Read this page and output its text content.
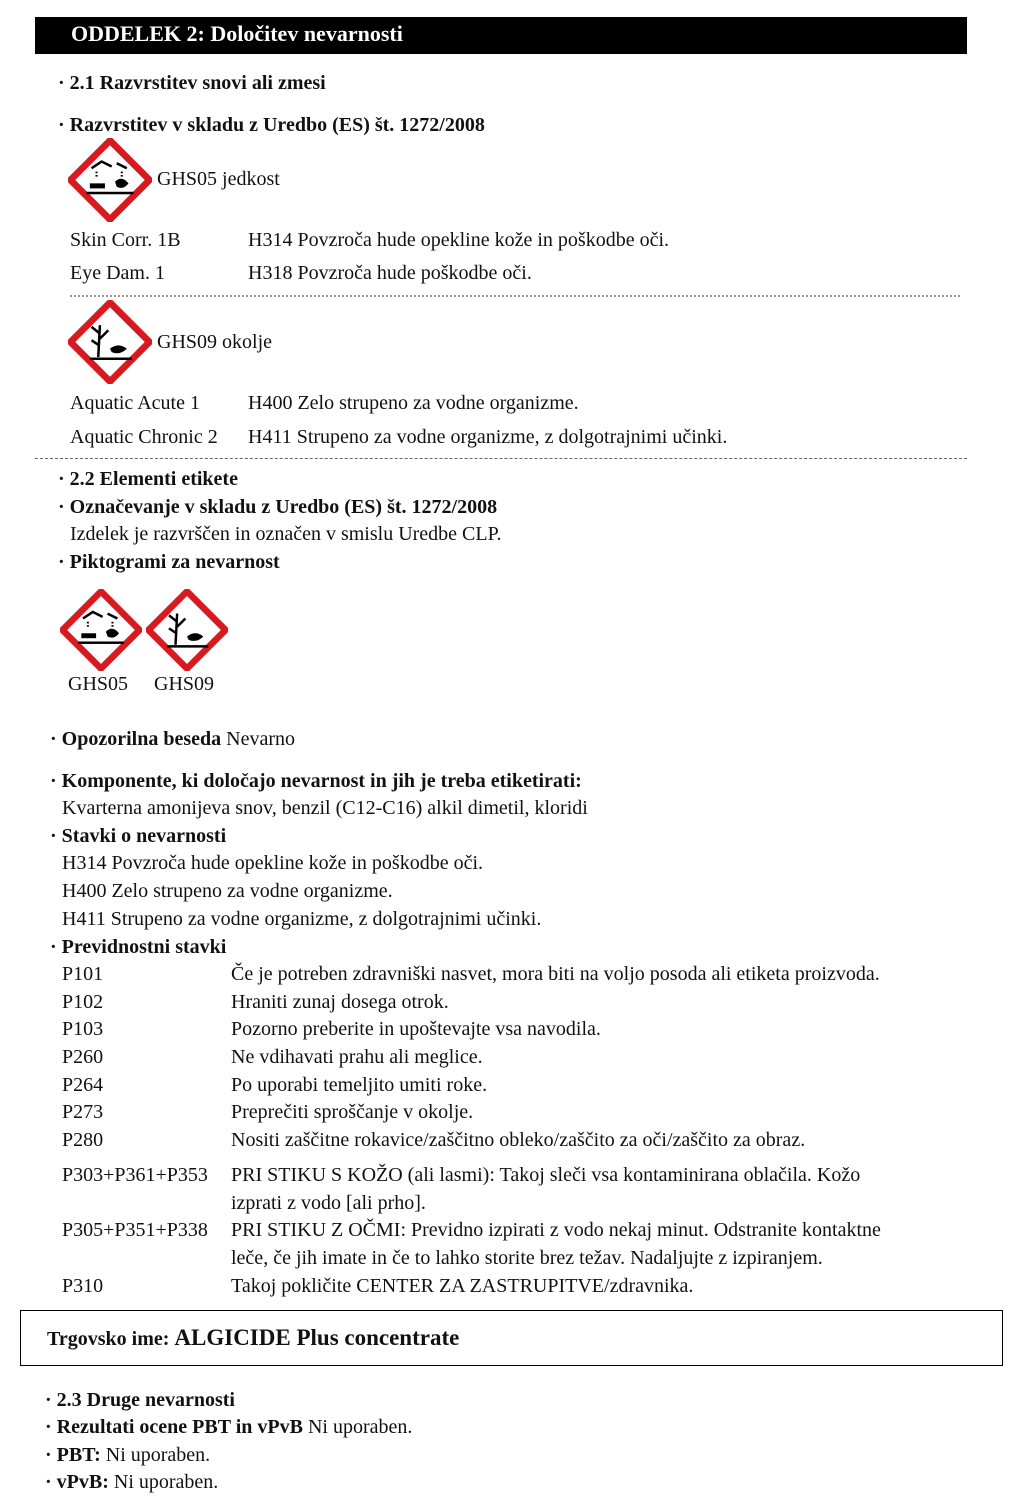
ODDELEK 2: Določitev nevarnosti
· 2.1 Razvrstitev snovi ali zmesi
· Razvrstitev v skladu z Uredbo (ES) št. 1272/2008
GHS05 jedkost
Skin Corr. 1B	H314 Povzroča hude opekline kože in poškodbe oči.
Eye Dam. 1	H318 Povzroča hude poškodbe oči.
GHS09 okolje
Aquatic Acute 1 H400 Zelo strupeno za vodne organizme.
Aquatic Chronic 2 H411 Strupeno za vodne organizme, z dolgotrajnimi učinki.
· 2.2 Elementi etikete
· Označevanje v skladu z Uredbo (ES) št. 1272/2008
Izdelek je razvrščen in označen v smislu Uredbe CLP.
· Piktogrami za nevarnost
GHS05 GHS09
· Opozorilna beseda Nevarno
· Komponente, ki določajo nevarnost in jih je treba etiketirati:
Kvarterna amonijeva snov, benzil (C12-C16) alkil dimetil, kloridi
· Stavki o nevarnosti
H314 Povzroča hude opekline kože in poškodbe oči.
H400 Zelo strupeno za vodne organizme.
H411 Strupeno za vodne organizme, z dolgotrajnimi učinki.
· Previdnostni stavki
P101	Če je potreben zdravniški nasvet, mora biti na voljo posoda ali etiketa proizvoda.
P102	Hraniti zunaj dosega otrok.
P103	Pozorno preberite in upoštevajte vsa navodila.
P260	Ne vdihavati prahu ali meglice.
P264	Po uporabi temeljito umiti roke.
P273	Preprečiti sproščanje v okolje.
P280	Nositi zaščitne rokavice/zaščitno obleko/zaščito za oči/zaščito za obraz.
P303+P361+P353 PRI STIKU S KOŽO (ali lasmi): Takoj sleči vsa kontaminirana oblačila. Kožo
izprati z vodo [ali prho].
P305+P351+P338 PRI STIKU Z OČMI: Previdno izpirati z vodo nekaj minut. Odstranite kontaktne
leče, če jih imate in če to lahko storite brez težav. Nadaljujte z izpiranjem.
P310	Takoj pokličite CENTER ZA ZASTRUPITVE/zdravnika.
Trgovsko ime: ALGICIDE Plus concentrate
· 2.3 Druge nevarnosti
· Rezultati ocene PBT in vPvB Ni uporaben.
· PBT: Ni uporaben.
· vPvB: Ni uporaben.
